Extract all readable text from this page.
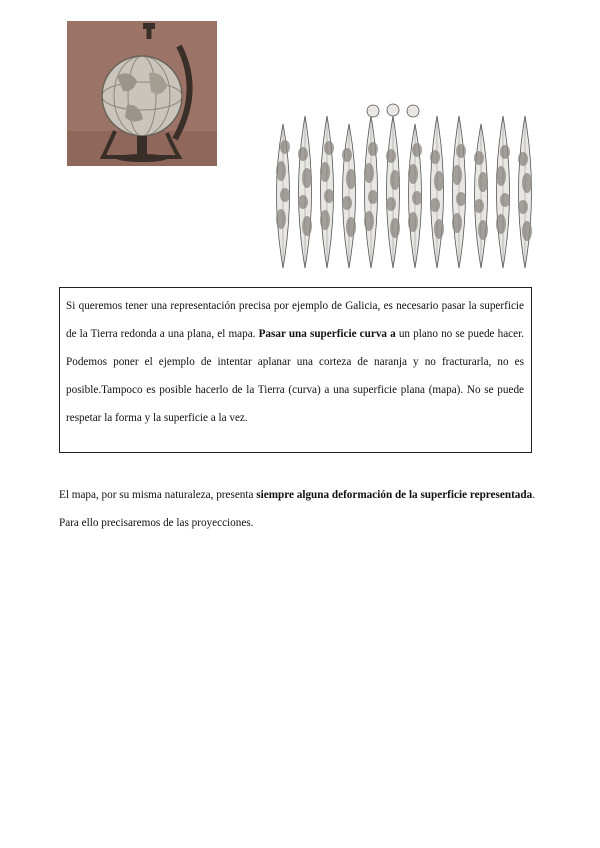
Si queremos tener una representación precisa por ejemplo de Galicia, es necesario pasar la superficie de la Tierra redonda a una plana, el mapa. Pasar una superficie curva a un plano no se puede hacer. Podemos poner el ejemplo de intentar aplanar una corteza de naranja y no fracturarla, no es posible.Tampoco es posible hacerlo de la Tierra (curva) a una superficie plana (mapa). No se puede respetar la forma y la superficie a la vez.
El mapa, por su misma naturaleza, presenta siempre alguna deformación de la superficie representada. Para ello precisaremos de las proyecciones.
